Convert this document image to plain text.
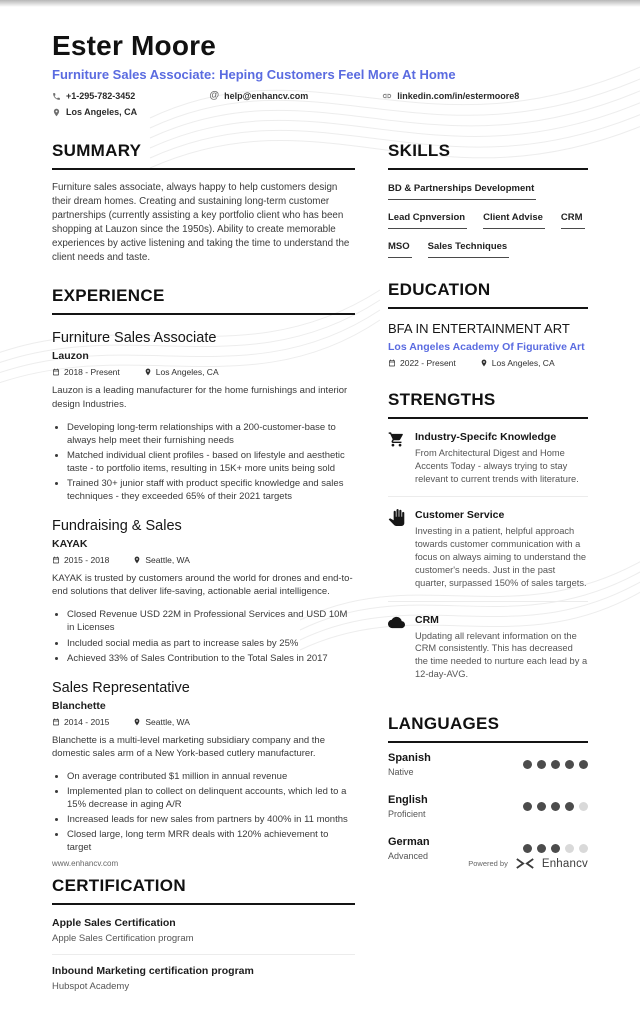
Ester Moore
Furniture Sales Associate: Heping Customers Feel More At Home
+1-295-782-3452	@ help@enhancv.com	linkedin.com/in/estermoore8
Los Angeles, CA
SUMMARY

Furniture sales associate, always happy to help customers design their dream homes. Creating and sustaining long-term customer partnerships (currently assisting a key portfolio client who has been shopping at Lauzon since the 1950s). Ability to create memorable experiences by active listening and taking the time to understand the client needs and taste.

EXPERIENCE
Furniture Sales Associate
Lauzon
2018 - Present	Los Angeles, CA

Lauzon is a leading manufacturer for the home furnishings and interior design Industries.

• Developing long-term relationships with a 200-customer-base to always help meet their furnishing needs
• Matched individual client profiles - based on lifestyle and aesthetic taste - to portfolio items, resulting in 15K+ more units being sold
• Trained 30+ junior staff with product specific knowledge and sales techniques - they exceeded 65% of their 2021 targets
Fundraising & Sales
KAYAK
2015 - 2018	Seattle, WA

KAYAK is trusted by customers around the world for drones and end-to-end solutions that deliver life-saving, actionable aerial intelligence.

• Closed Revenue USD 22M in Professional Services and USD 10M in Licenses
• Included social media as part to increase sales by 25%
• Achieved 33% of Sales Contribution to the Total Sales in 2017
Sales Representative
Blanchette
2014 - 2015	Seattle, WA

Blanchette is a multi-level marketing subsidiary company and the domestic sales arm of a New York-based cutlery manufacturer.

• On average contributed $1 million in annual revenue
• Implemented plan to collect on delinquent accounts, which led to a 15% decrease in aging A/R
• Increased leads for new sales from partners by 400% in 11 months
• Closed large, long term MRR deals with 120% achievement to target
CERTIFICATION
Apple Sales Certification
Apple Sales Certification program
Inbound Marketing certification program
Hubspot Academy
SKILLS
BD & Partnerships Development
Lead Cpnversion Client Advise CRM
MSO Sales Techniques
EDUCATION
BFA IN ENTERTAINMENT ART
Los Angeles Academy Of Figurative Art
2022 - Present	Los Angeles, CA
STRENGTHS
Industry-Specifc Knowledge
From Architectural Digest and Home Accents Today - always trying to stay relevant to current trends with literature.
Customer Service
Investing in a patient, helpful approach towards customer communication with a focus on always aiming to understand the customer's needs. Just in the past quarter, surpassed 150% of sales targets.
CRM
Updating all relevant information on the CRM consistently. This has decreased the time needed to nurture each lead by a 12-day-AVG.
LANGUAGES
Spanish
Native
English
Proficient
German
Advanced
www.enhancv.com	Powered by	Enhancv
